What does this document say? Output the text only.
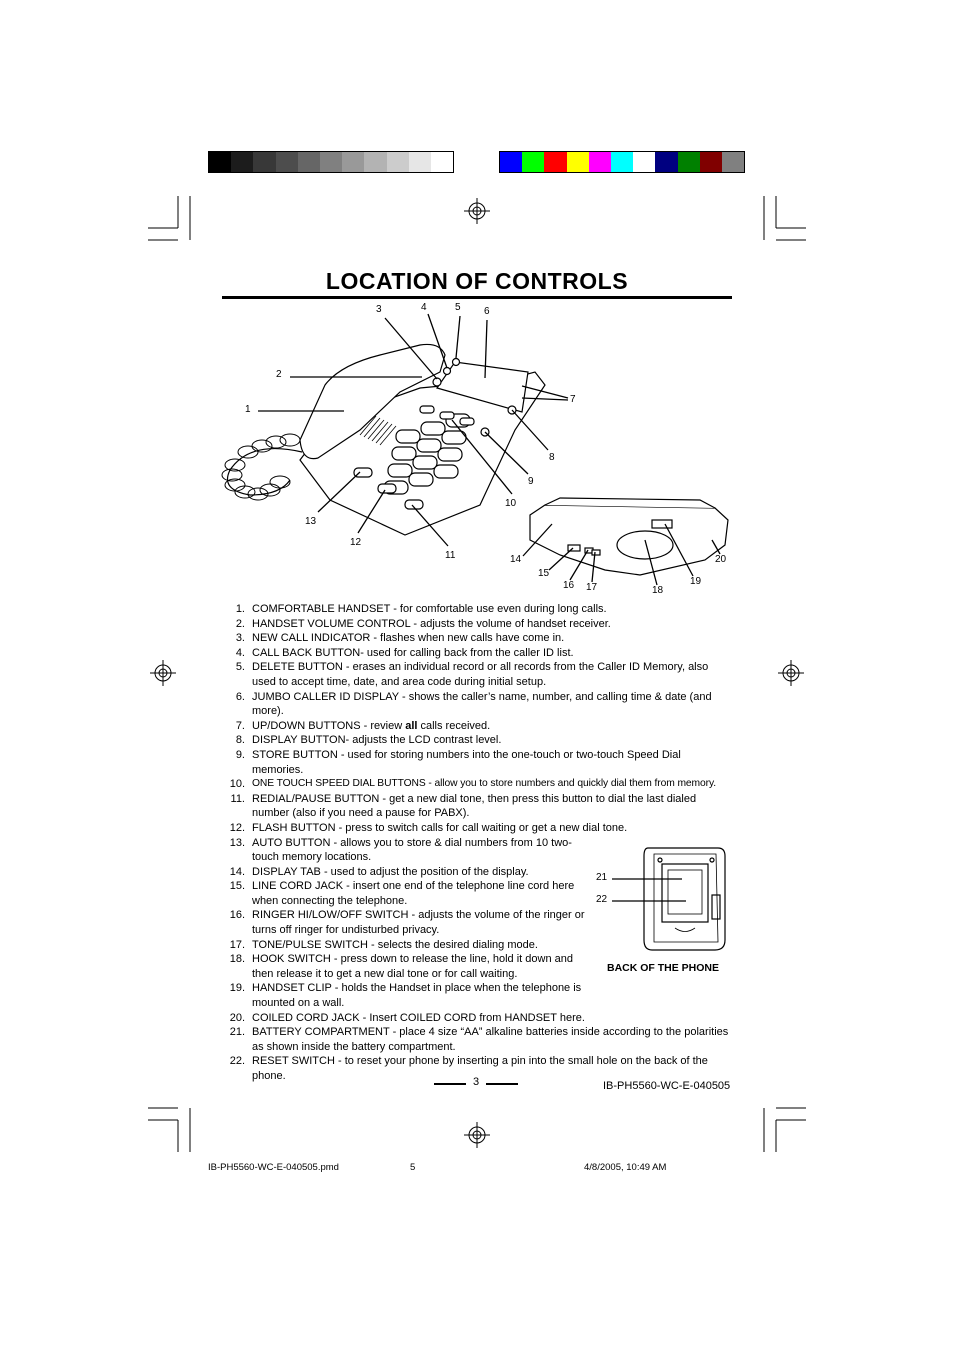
LOCATION OF CONTROLS
1
2
3	4	5 6
7
8
9
10
11
12
13
14
15
16 17	18
19
20
1. COMFORTABLE HANDSET - for comfortable use even during long calls.
2. HANDSET VOLUME CONTROL - adjusts the volume of handset receiver.
3. NEW CALL INDICATOR - flashes when new calls have come in.
4. CALL BACK BUTTON- used for calling back from the caller ID list.
5. DELETE BUTTON - erases an individual record or all records from the Caller ID Memory, also used to accept time, date, and area code during initial setup.
6. JUMBO CALLER ID DISPLAY - shows the caller’s name, number, and calling time & date (and more).
7. UP/DOWN BUTTONS - review all calls received.
8. DISPLAY BUTTON- adjusts the LCD contrast level.
9. STORE BUTTON - used for storing numbers into the one-touch or two-touch Speed Dial memories.
10. ONE TOUCH SPEED DIAL BUTTONS - allow you to store numbers and quickly dial them from memory.
11. REDIAL/PAUSE BUTTON - get a new dial tone, then press this button to dial the last dialed number (also if you need a pause for PABX).
12. FLASH BUTTON - press to switch calls for call waiting or get a new dial tone.
13. AUTO BUTTON - allows you to store & dial numbers from 10 two-touch memory locations.
14. DISPLAY TAB - used to adjust the position of the display.
15. LINE CORD JACK - insert one end of the telephone line cord here when connecting the telephone.
16. RINGER HI/LOW/OFF SWITCH - adjusts the volume of the ringer or turns off ringer for undisturbed privacy.
17. TONE/PULSE SWITCH - selects the desired dialing mode.
18. HOOK SWITCH - press down to release the line, hold it down and then release it to get a new dial tone or for call waiting.
19. HANDSET CLIP - holds the Handset in place when the telephone is mounted on a wall.
20. COILED CORD JACK - Insert COILED CORD from HANDSET here.
21. BATTERY COMPARTMENT - place 4 size “AA” alkaline batteries inside according to the polarities as shown inside the battery compartment.
22. RESET SWITCH - to reset your phone by inserting a pin into the small hole on the back of the phone.
21
22
BACK OF THE PHONE
3	IB-PH5560-WC-E-040505
IB-PH5560-WC-E-040505.pmd	5	4/8/2005, 10:49 AM
